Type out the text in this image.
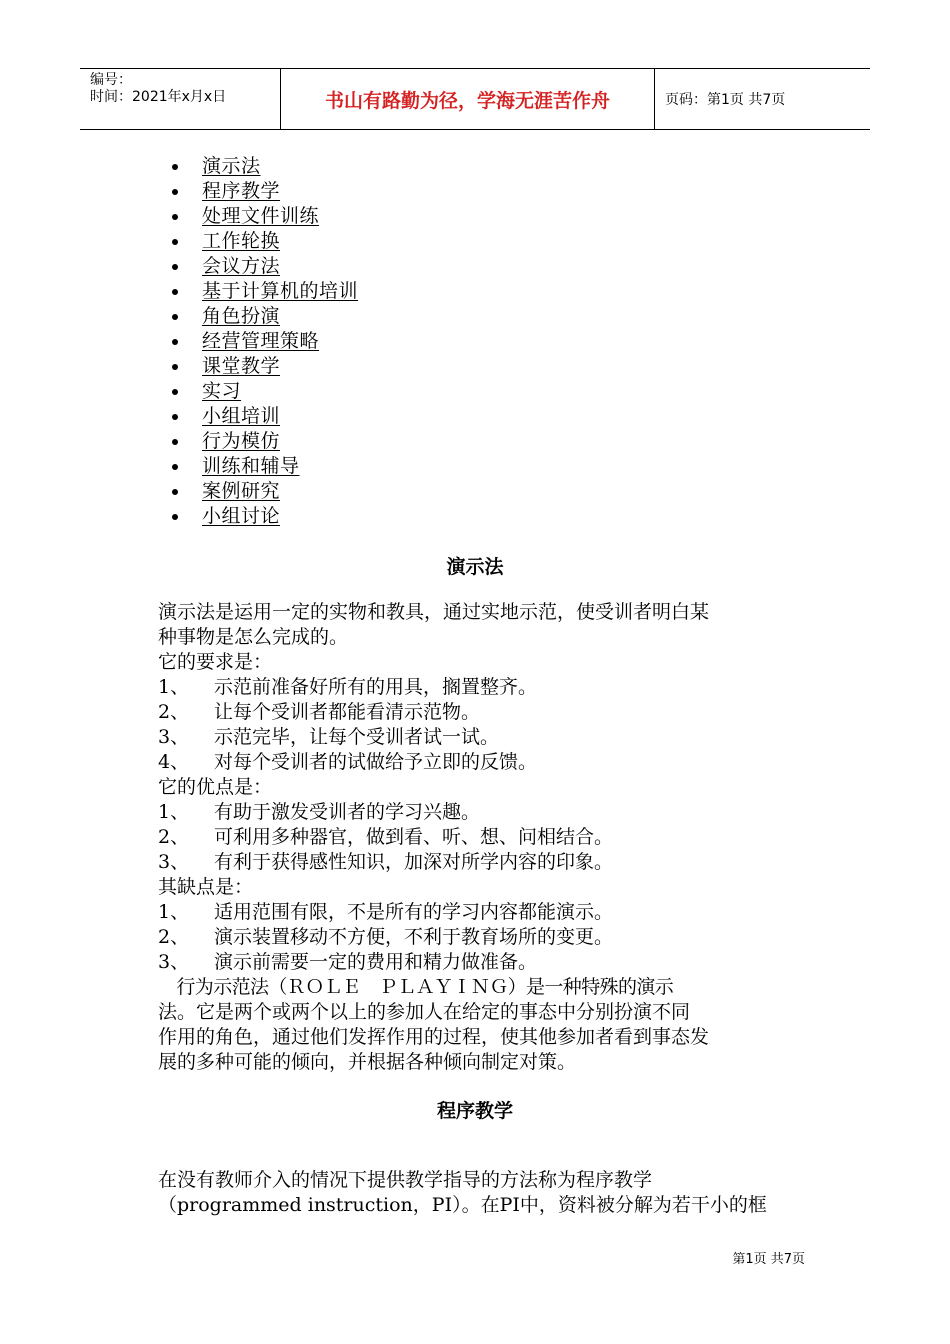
编号：
时间：2021年x月x日	书山有路勤为径，学海无涯苦作舟	页码：第1页 共7页
演示法
程序教学
处理文件训练
工作轮换
会议方法
基于计算机的培训
角色扮演
经营管理策略
课堂教学
实习
小组培训
行为模仿
训练和辅导
案例研究
小组讨论
演示法

演示法是运用一定的实物和教具，通过实地示范，使受训者明白某

种事物是怎么完成的。

它的要求是：

1、	示范前准备好所有的用具，搁置整齐。
2、	让每个受训者都能看清示范物。
3、	示范完毕，让每个受训者试一试。
4、	对每个受训者的试做给予立即的反馈。

它的优点是：

1、	有助于激发受训者的学习兴趣。
2、	可利用多种器官，做到看、听、想、问相结合。
3、	有利于获得感性知识，加深对所学内容的印象。

其缺点是：

1、	适用范围有限，不是所有的学习内容都能演示。
2、	演示装置移动不方便，不利于教育场所的变更。
3、	演示前需要一定的费用和精力做准备。

　行为示范法（ＲＯＬＥ　ＰＬＡＹＩＮＧ）是一种特殊的演示

法。它是两个或两个以上的参加人在给定的事态中分别扮演不同

作用的角色，通过他们发挥作用的过程，使其他参加者看到事态发

展的多种可能的倾向，并根据各种倾向制定对策。

程序教学

在没有教师介入的情况下提供教学指导的方法称为程序教学

（programmed instruction，PI）。在PI中，资料被分解为若干小的框

第1页 共7页
